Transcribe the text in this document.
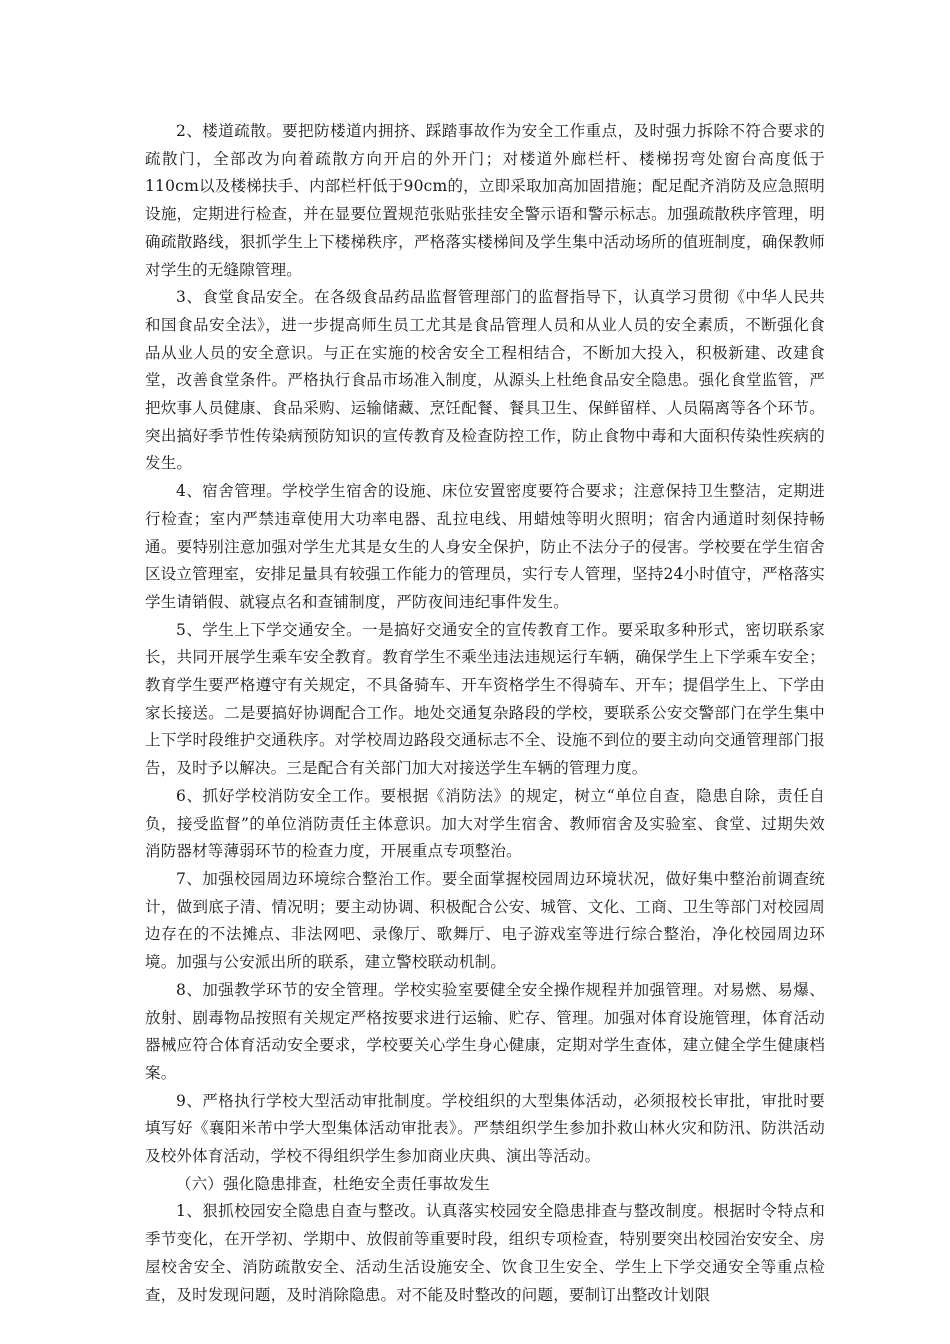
2、楼道疏散。要把防楼道内拥挤、踩踏事故作为安全工作重点，及时强力拆除不符合要求的疏散门，全部改为向着疏散方向开启的外开门；对楼道外廊栏杆、楼梯拐弯处窗台高度低于110cm以及楼梯扶手、内部栏杆低于90cm的，立即采取加高加固措施；配足配齐消防及应急照明设施，定期进行检查，并在显要位置规范张贴张挂安全警示语和警示标志。加强疏散秩序管理，明确疏散路线，狠抓学生上下楼梯秩序，严格落实楼梯间及学生集中活动场所的值班制度，确保教师对学生的无缝隙管理。

3、食堂食品安全。在各级食品药品监督管理部门的监督指导下，认真学习贯彻《中华人民共和国食品安全法》，进一步提高师生员工尤其是食品管理人员和从业人员的安全素质，不断强化食品从业人员的安全意识。与正在实施的校舍安全工程相结合，不断加大投入，积极新建、改建食堂，改善食堂条件。严格执行食品市场准入制度，从源头上杜绝食品安全隐患。强化食堂监管，严把炊事人员健康、食品采购、运输储藏、烹饪配餐、餐具卫生、保鲜留样、人员隔离等各个环节。突出搞好季节性传染病预防知识的宣传教育及检查防控工作，防止食物中毒和大面积传染性疾病的发生。

4、宿舍管理。学校学生宿舍的设施、床位安置密度要符合要求；注意保持卫生整洁，定期进行检查；室内严禁违章使用大功率电器、乱拉电线、用蜡烛等明火照明；宿舍内通道时刻保持畅通。要特别注意加强对学生尤其是女生的人身安全保护，防止不法分子的侵害。学校要在学生宿舍区设立管理室，安排足量具有较强工作能力的管理员，实行专人管理，坚持24小时值守，严格落实学生请销假、就寝点名和查铺制度，严防夜间违纪事件发生。

5、学生上下学交通安全。一是搞好交通安全的宣传教育工作。要采取多种形式，密切联系家长，共同开展学生乘车安全教育。教育学生不乘坐违法违规运行车辆，确保学生上下学乘车安全；教育学生要严格遵守有关规定，不具备骑车、开车资格学生不得骑车、开车；提倡学生上、下学由家长接送。二是要搞好协调配合工作。地处交通复杂路段的学校，要联系公安交警部门在学生集中上下学时段维护交通秩序。对学校周边路段交通标志不全、设施不到位的要主动向交通管理部门报告，及时予以解决。三是配合有关部门加大对接送学生车辆的管理力度。

6、抓好学校消防安全工作。要根据《消防法》的规定，树立“单位自查，隐患自除，责任自负，接受监督”的单位消防责任主体意识。加大对学生宿舍、教师宿舍及实验室、食堂、过期失效消防器材等薄弱环节的检查力度，开展重点专项整治。

7、加强校园周边环境综合整治工作。要全面掌握校园周边环境状况，做好集中整治前调查统计，做到底子清、情况明；要主动协调、积极配合公安、城管、文化、工商、卫生等部门对校园周边存在的不法摊点、非法网吧、录像厅、歌舞厅、电子游戏室等进行综合整治，净化校园周边环境。加强与公安派出所的联系，建立警校联动机制。

8、加强教学环节的安全管理。学校实验室要健全安全操作规程并加强管理。对易燃、易爆、放射、剧毒物品按照有关规定严格按要求进行运输、贮存、管理。加强对体育设施管理，体育活动器械应符合体育活动安全要求，学校要关心学生身心健康，定期对学生查体，建立健全学生健康档案。

9、严格执行学校大型活动审批制度。学校组织的大型集体活动，必须报校长审批，审批时要填写好《襄阳米芾中学大型集体活动审批表》。严禁组织学生参加扑救山林火灾和防汛、防洪活动及校外体育活动，学校不得组织学生参加商业庆典、演出等活动。

（六）强化隐患排查，杜绝安全责任事故发生

1、狠抓校园安全隐患自查与整改。认真落实校园安全隐患排查与整改制度。根据时令特点和季节变化，在开学初、学期中、放假前等重要时段，组织专项检查，特别要突出校园治安安全、房屋校舍安全、消防疏散安全、活动生活设施安全、饮食卫生安全、学生上下学交通安全等重点检查，及时发现问题，及时消除隐患。对不能及时整改的问题，要制订出整改计划限
